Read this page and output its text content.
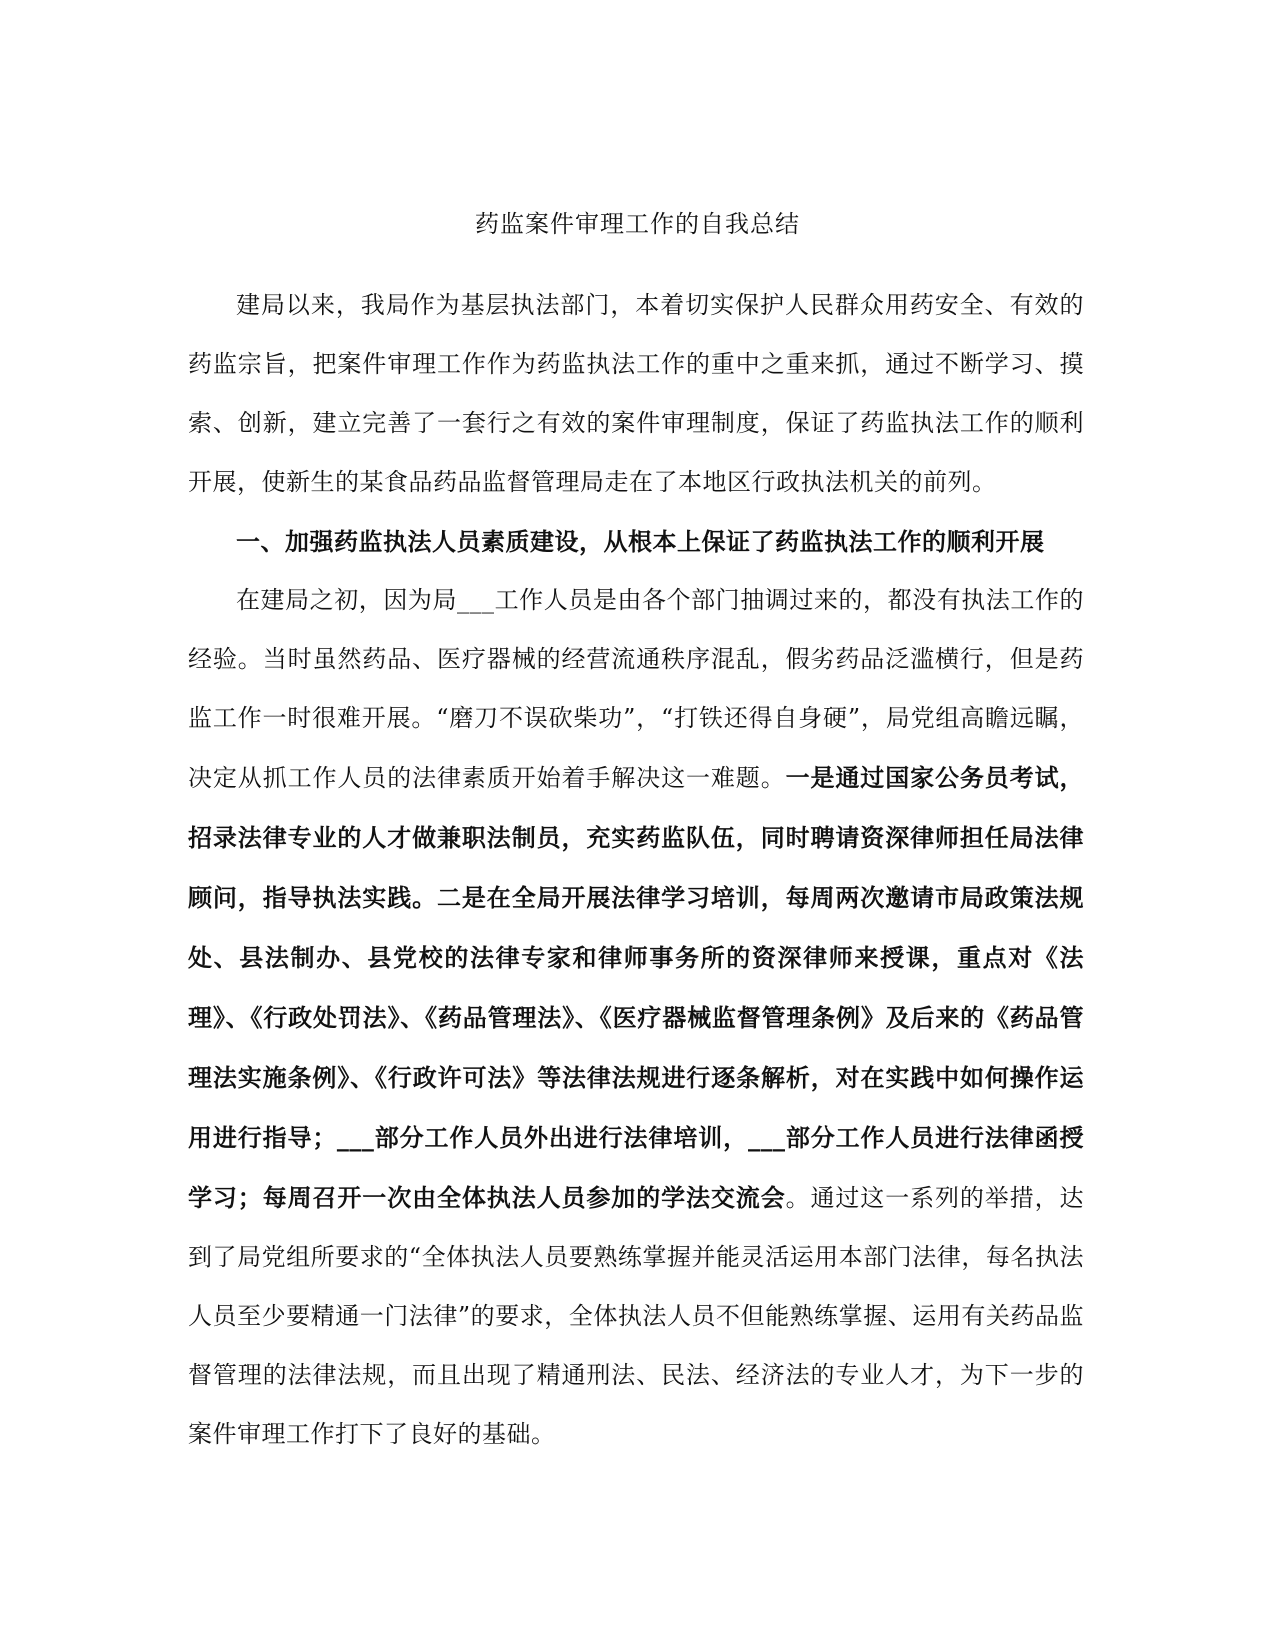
药监案件审理工作的自我总结

建局以来，我局作为基层执法部门，本着切实保护人民群众用药安全、有效的药监宗旨，把案件审理工作作为药监执法工作的重中之重来抓，通过不断学习、摸索、创新，建立完善了一套行之有效的案件审理制度，保证了药监执法工作的顺利开展，使新生的某食品药品监督管理局走在了本地区行政执法机关的前列。

一、加强药监执法人员素质建设，从根本上保证了药监执法工作的顺利开展

在建局之初，因为局___工作人员是由各个部门抽调过来的，都没有执法工作的经验。当时虽然药品、医疗器械的经营流通秩序混乱，假劣药品泛滥横行，但是药监工作一时很难开展。“磨刀不误砍柴功”，“打铁还得自身硬”，局党组高瞻远瞩，决定从抓工作人员的法律素质开始着手解决这一难题。一是通过国家公务员考试，招录法律专业的人才做兼职法制员，充实药监队伍，同时聘请资深律师担任局法律顾问，指导执法实践。二是在全局开展法律学习培训，每周两次邀请市局政策法规处、县法制办、县党校的法律专家和律师事务所的资深律师来授课，重点对《法理》、《行政处罚法》、《药品管理法》、《医疗器械监督管理条例》及后来的《药品管理法实施条例》、《行政许可法》等法律法规进行逐条解析，对在实践中如何操作运用进行指导；___部分工作人员外出进行法律培训，___部分工作人员进行法律函授学习；每周召开一次由全体执法人员参加的学法交流会。通过这一系列的举措，达到了局党组所要求的“全体执法人员要熟练掌握并能灵活运用本部门法律，每名执法人员至少要精通一门法律”的要求，全体执法人员不但能熟练掌握、运用有关药品监督管理的法律法规，而且出现了精通刑法、民法、经济法的专业人才，为下一步的案件审理工作打下了良好的基础。
